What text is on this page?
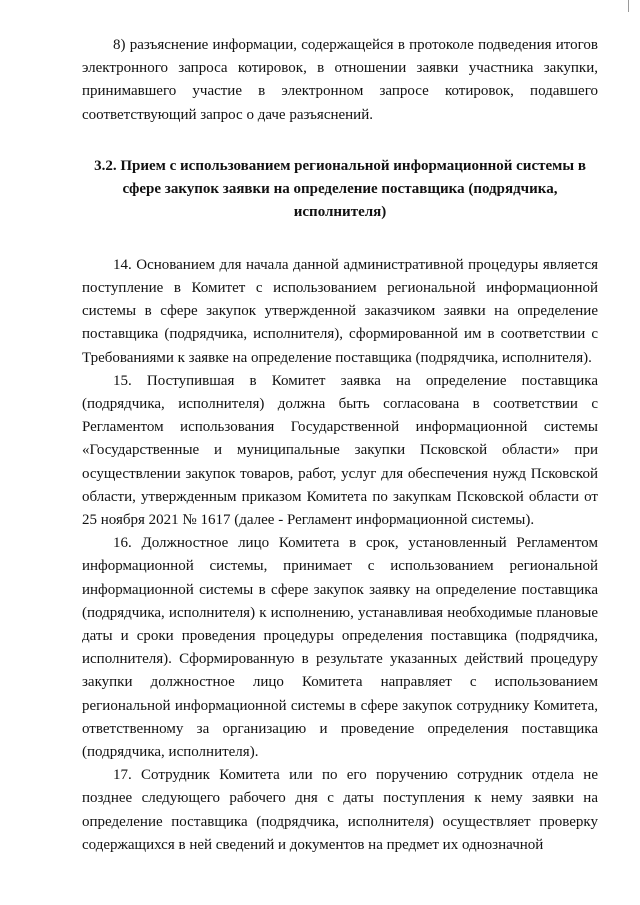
8) разъяснение информации, содержащейся в протоколе подведения итогов электронного запроса котировок, в отношении заявки участника закупки, принимавшего участие в электронном запросе котировок, подавшего соответствующий запрос о даче разъяснений.

3.2. Прием с использованием региональной информационной системы в сфере закупок заявки на определение поставщика (подрядчика, исполнителя)

14. Основанием для начала данной административной процедуры является поступление в Комитет с использованием региональной информационной системы в сфере закупок утвержденной заказчиком заявки на определение поставщика (подрядчика, исполнителя), сформированной им в соответствии с Требованиями к заявке на определение поставщика (подрядчика, исполнителя).

15. Поступившая в Комитет заявка на определение поставщика (подрядчика, исполнителя) должна быть согласована в соответствии с Регламентом использования Государственной информационной системы «Государственные и муниципальные закупки Псковской области» при осуществлении закупок товаров, работ, услуг для обеспечения нужд Псковской области, утвержденным приказом Комитета по закупкам Псковской области от 25 ноября 2021 № 1617 (далее - Регламент информационной системы).

16. Должностное лицо Комитета в срок, установленный Регламентом информационной системы, принимает с использованием региональной информационной системы в сфере закупок заявку на определение поставщика (подрядчика, исполнителя) к исполнению, устанавливая необходимые плановые даты и сроки проведения процедуры определения поставщика (подрядчика, исполнителя). Сформированную в результате указанных действий процедуру закупки должностное лицо Комитета направляет с использованием региональной информационной системы в сфере закупок сотруднику Комитета, ответственному за организацию и проведение определения поставщика (подрядчика, исполнителя).

17. Сотрудник Комитета или по его поручению сотрудник отдела не позднее следующего рабочего дня с даты поступления к нему заявки на определение поставщика (подрядчика, исполнителя) осуществляет проверку содержащихся в ней сведений и документов на предмет их однозначной
